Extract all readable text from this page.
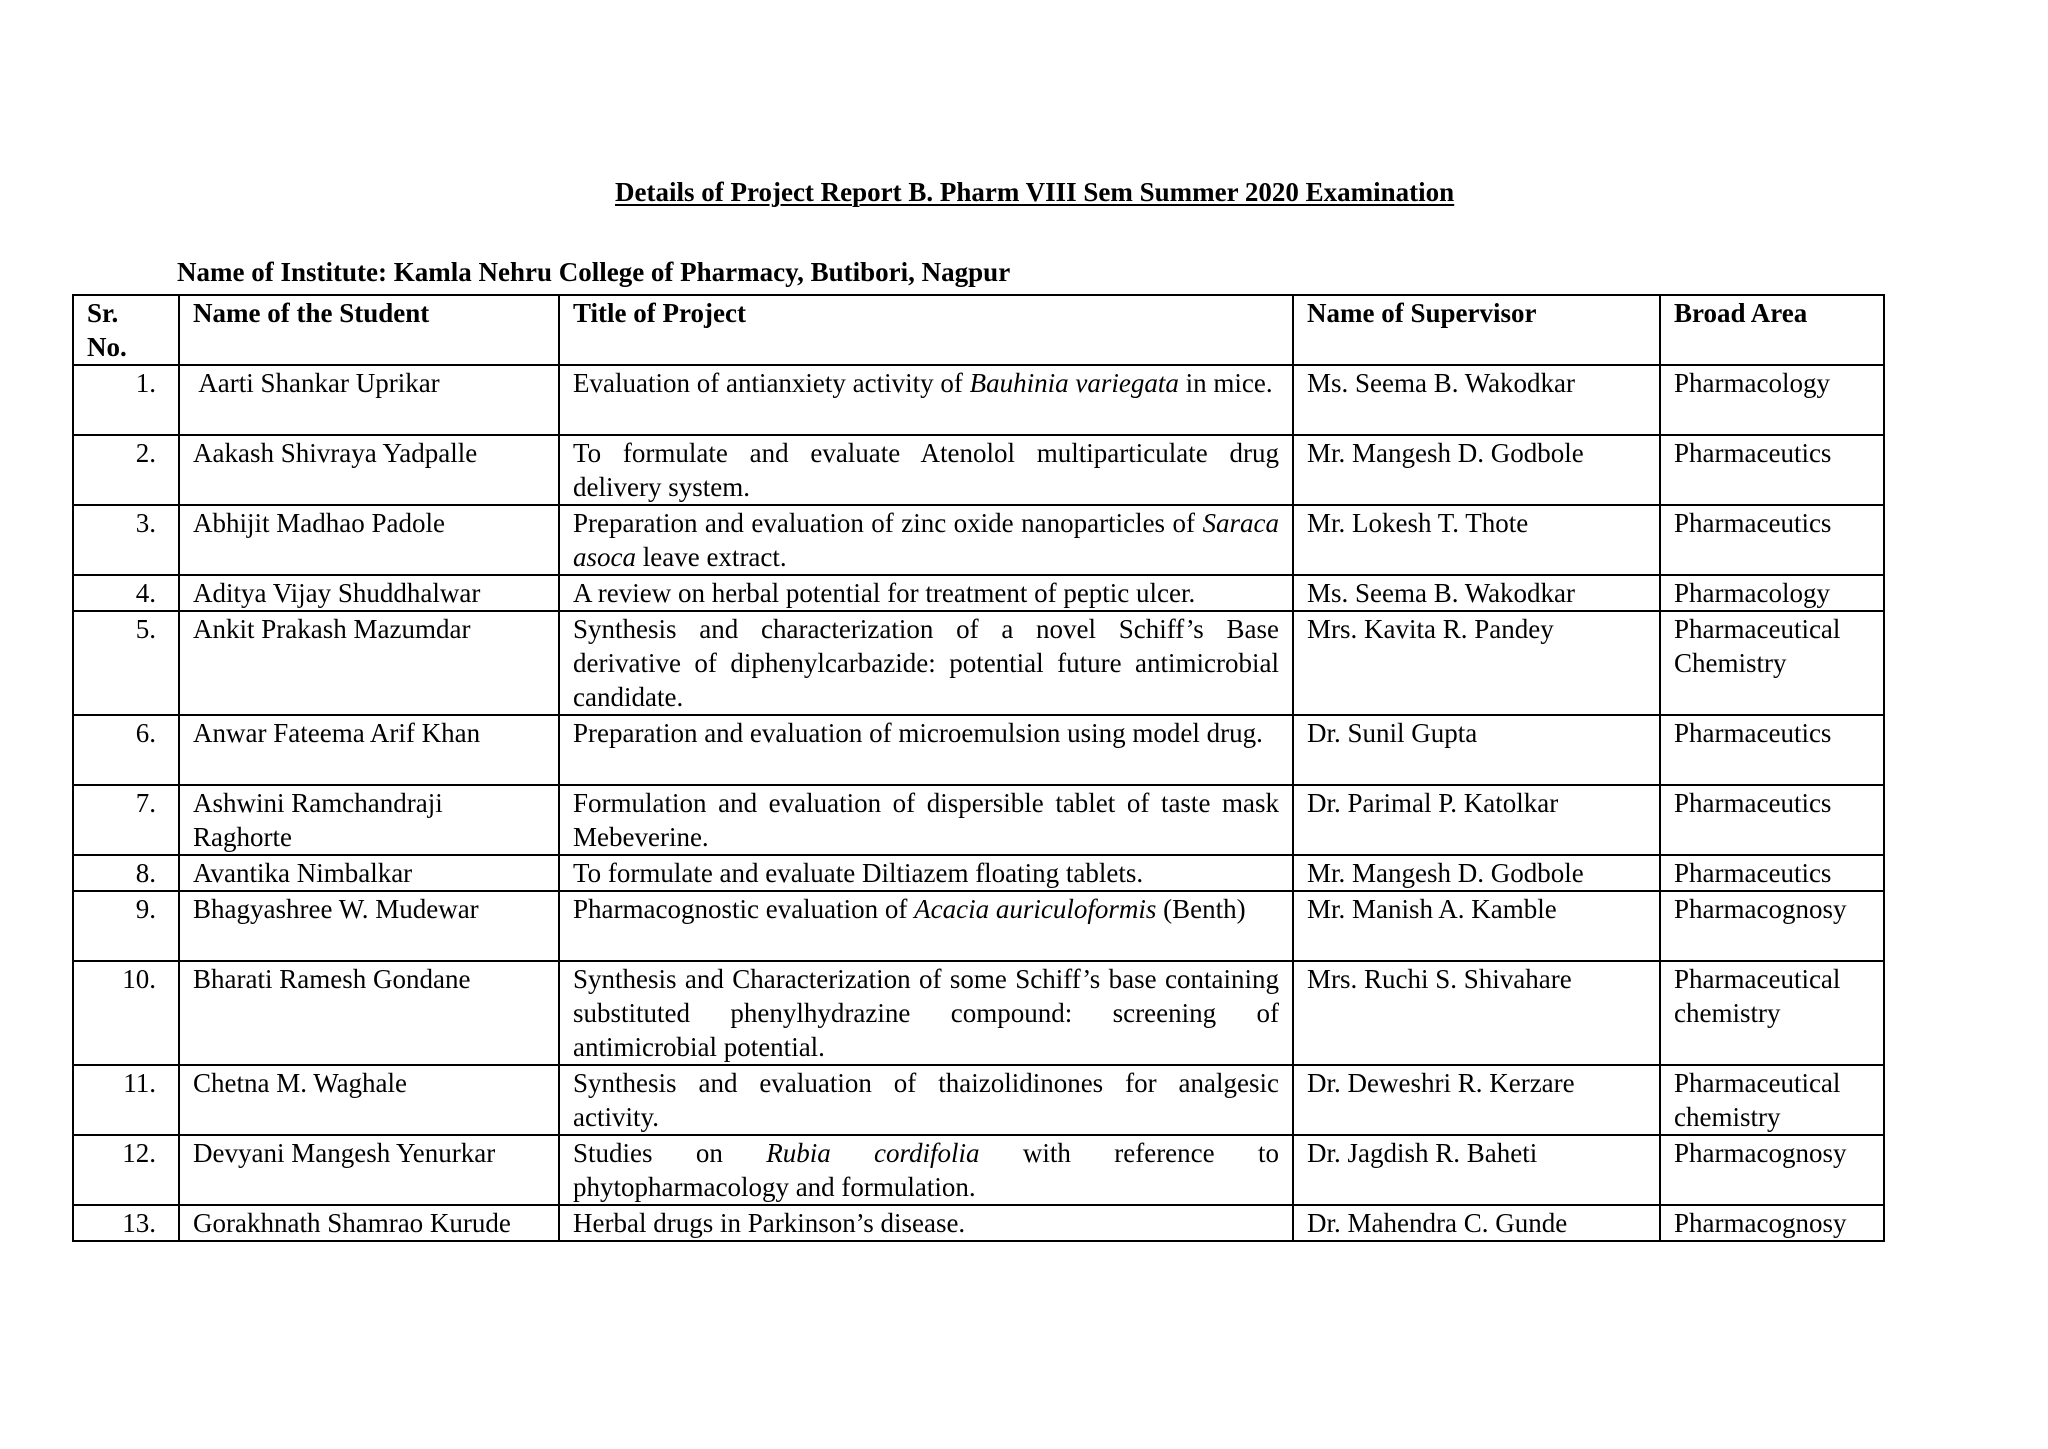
Details of Project Report B. Pharm VIII Sem Summer 2020 Examination
Name of Institute: Kamla Nehru College of Pharmacy, Butibori, Nagpur
Sr.
No.	Name of the Student	Title of Project	Name of Supervisor	Broad Area
1.	Aarti Shankar Uprikar	Evaluation of antianxiety activity of Bauhinia variegata in mice.	Ms. Seema B. Wakodkar	Pharmacology
2.	Aakash Shivraya Yadpalle	To formulate and evaluate Atenolol multiparticulate drug delivery system.	Mr. Mangesh D. Godbole	Pharmaceutics
3.	Abhijit Madhao Padole	Preparation and evaluation of zinc oxide nanoparticles of Saraca asoca leave extract.	Mr. Lokesh T. Thote	Pharmaceutics
4.	Aditya Vijay Shuddhalwar	A review on herbal potential for treatment of peptic ulcer.	Ms. Seema B. Wakodkar	Pharmacology
5.	Ankit Prakash Mazumdar	Synthesis and characterization of a novel Schiff’s Base derivative of diphenylcarbazide: potential future antimicrobial candidate.	Mrs. Kavita R. Pandey	Pharmaceutical Chemistry
6.	Anwar Fateema Arif Khan	Preparation and evaluation of microemulsion using model drug.	Dr. Sunil Gupta	Pharmaceutics
7.	Ashwini Ramchandraji Raghorte	Formulation and evaluation of dispersible tablet of taste mask Mebeverine.	Dr. Parimal P. Katolkar	Pharmaceutics
8.	Avantika Nimbalkar	To formulate and evaluate Diltiazem floating tablets.	Mr. Mangesh D. Godbole	Pharmaceutics
9.	Bhagyashree W. Mudewar	Pharmacognostic evaluation of Acacia auriculoformis (Benth)	Mr. Manish A. Kamble	Pharmacognosy
10.	Bharati Ramesh Gondane	Synthesis and Characterization of some Schiff’s base containing substituted phenylhydrazine compound: screening of antimicrobial potential.	Mrs. Ruchi S. Shivahare	Pharmaceutical chemistry
11.	Chetna M. Waghale	Synthesis and evaluation of thaizolidinones for analgesic activity.	Dr. Deweshri R. Kerzare	Pharmaceutical chemistry
12.	Devyani Mangesh Yenurkar	Studies on Rubia cordifolia with reference to phytopharmacology and formulation.	Dr. Jagdish R. Baheti	Pharmacognosy
13.	Gorakhnath Shamrao Kurude	Herbal drugs in Parkinson’s disease.	Dr. Mahendra C. Gunde	Pharmacognosy
